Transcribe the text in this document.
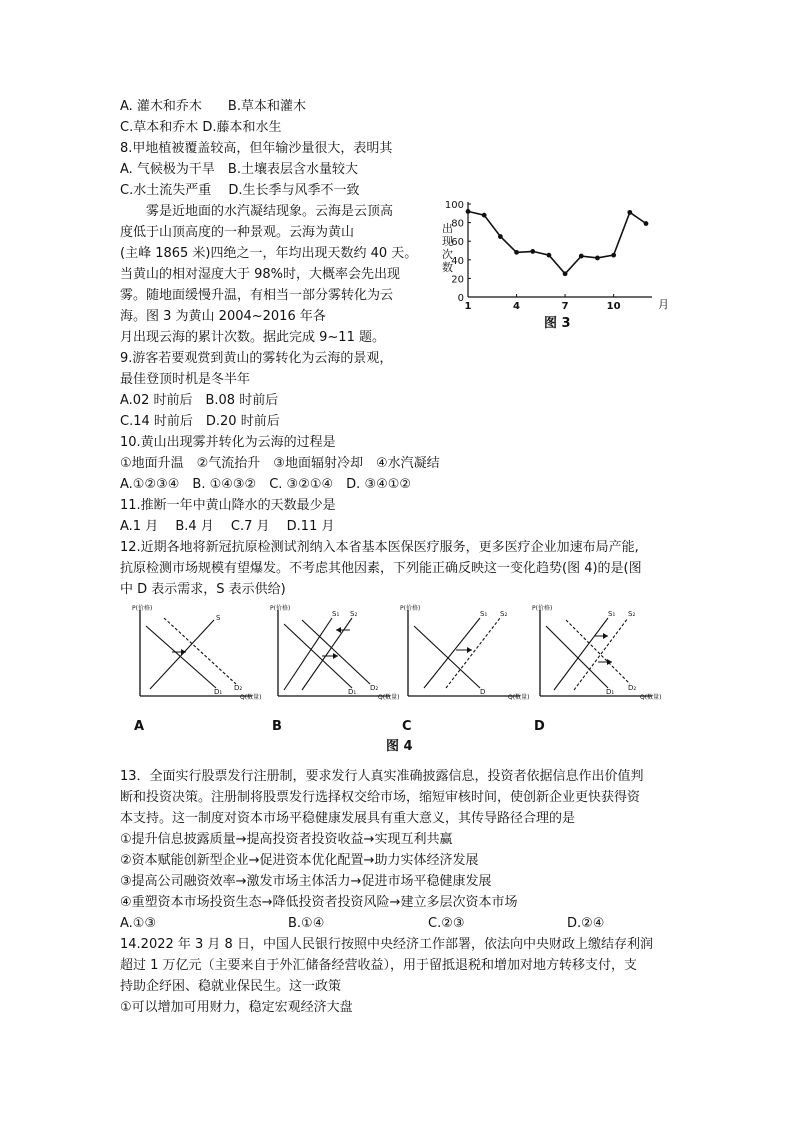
A. 灌木和乔木　　B.草本和灌木
C.草本和乔木 D.藤本和水生
8.甲地植被覆盖较高，但年输沙量很大，表明其
A. 气候极为干旱　B.土壤表层含水量较大
C.水土流失严重　 D.生长季与风季不一致
　　雾是近地面的水汽凝结现象。云海是云顶高
度低于山顶高度的一种景观。云海为黄山
(主峰 1865 米)四绝之一，年均出现天数约 40 天。
当黄山的相对湿度大于 98%时，大概率会先出现
雾。随地面缓慢升温，有相当一部分雾转化为云
海。图 3 为黄山 2004~2016 年各
月出现云海的累计次数。据此完成 9~11 题。
9.游客若要观赏到黄山的雾转化为云海的景观，
最佳登顶时机是冬半年
A.02 时前后　B.08 时前后
C.14 时前后　D.20 时前后
10.黄山出现雾并转化为云海的过程是
①地面升温　②气流抬升　③地面辐射冷却　④水汽凝结
A.①②③④　B. ①④③②　C. ③②①④　D. ③④①②
11.推断一年中黄山降水的天数最少是
A.1 月　 B.4 月　 C.7 月　 D.11 月
12.近期各地将新冠抗原检测试剂纳入本省基本医保医疗服务，更多医疗企业加速布局产能,
抗原检测市场规模有望爆发。不考虑其他因素，下列能正确反映这一变化趋势(图 4)的是(图
中 D 表示需求，S 表示供给)
0
20
40
60
80
100
1	4	7	10
出现次数
月
图 3
P(价格)
Q(数量)
A
S
D₁ D₂
P(价格)
Q(数量)
B
S₁ S₂
D₁ D₂
P(价格)
Q(数量)
C
S₁ S₂
D
P(价格)
Q(数量)
D
S₁ S₂
D₁ D₂
图 4
13．全面实行股票发行注册制，要求发行人真实准确披露信息，投资者依据信息作出价值判
断和投资决策。注册制将股票发行选择权交给市场，缩短审核时间，使创新企业更快获得资
本支持。这一制度对资本市场平稳健康发展具有重大意义，其传导路径合理的是
①提升信息披露质量→提高投资者投资收益→实现互利共赢
②资本赋能创新型企业→促进资本优化配置→助力实体经济发展
③提高公司融资效率→激发市场主体活力→促进市场平稳健康发展
④重塑资本市场投资生态→降低投资者投资风险→建立多层次资本市场
A.①③	B.①④	C.②③	D.②④
14.2022 年 3 月 8 日，中国人民银行按照中央经济工作部署，依法向中央财政上缴结存利润
超过 1 万亿元（主要来自于外汇储备经营收益），用于留抵退税和增加对地方转移支付，支
持助企纾困、稳就业保民生。这一政策
①可以增加可用财力，稳定宏观经济大盘
